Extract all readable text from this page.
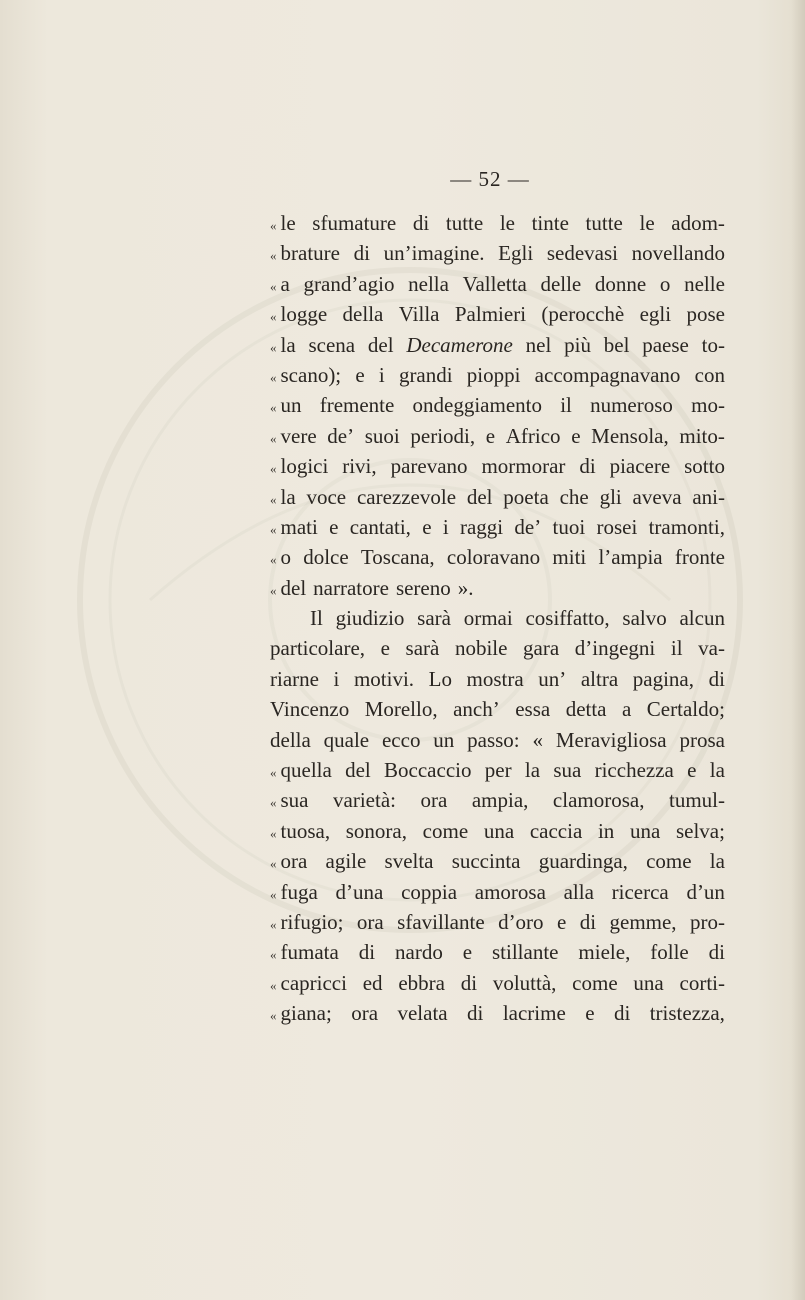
— 52 —
« le sfumature di tutte le tinte tutte le adom-
« brature di un’imagine. Egli sedevasi novellando
« a grand’agio nella Valletta delle donne o nelle
« logge della Villa Palmieri (perocchè egli pose
« la scena del Decamerone nel più bel paese to-
« scano); e i grandi pioppi accompagnavano con
« un fremente ondeggiamento il numeroso mo-
« vere de’ suoi periodi, e Africo e Mensola, mito-
« logici rivi, parevano mormorar di piacere sotto
« la voce carezzevole del poeta che gli aveva ani-
« mati e cantati, e i raggi de’ tuoi rosei tramonti,
« o dolce Toscana, coloravano miti l’ampia fronte
« del narratore sereno ».
Il giudizio sarà ormai cosiffatto, salvo alcun
particolare, e sarà nobile gara d’ingegni il va-
riarne i motivi. Lo mostra un’ altra pagina, di
Vincenzo Morello, anch’ essa detta a Certaldo;
della quale ecco un passo: « Meravigliosa prosa
« quella del Boccaccio per la sua ricchezza e la
« sua varietà: ora ampia, clamorosa, tumul-
« tuosa, sonora, come una caccia in una selva;
« ora agile svelta succinta guardinga, come la
« fuga d’una coppia amorosa alla ricerca d’un
« rifugio; ora sfavillante d’oro e di gemme, pro-
« fumata di nardo e stillante miele, folle di
« capricci ed ebbra di voluttà, come una corti-
« giana; ora velata di lacrime e di tristezza,
